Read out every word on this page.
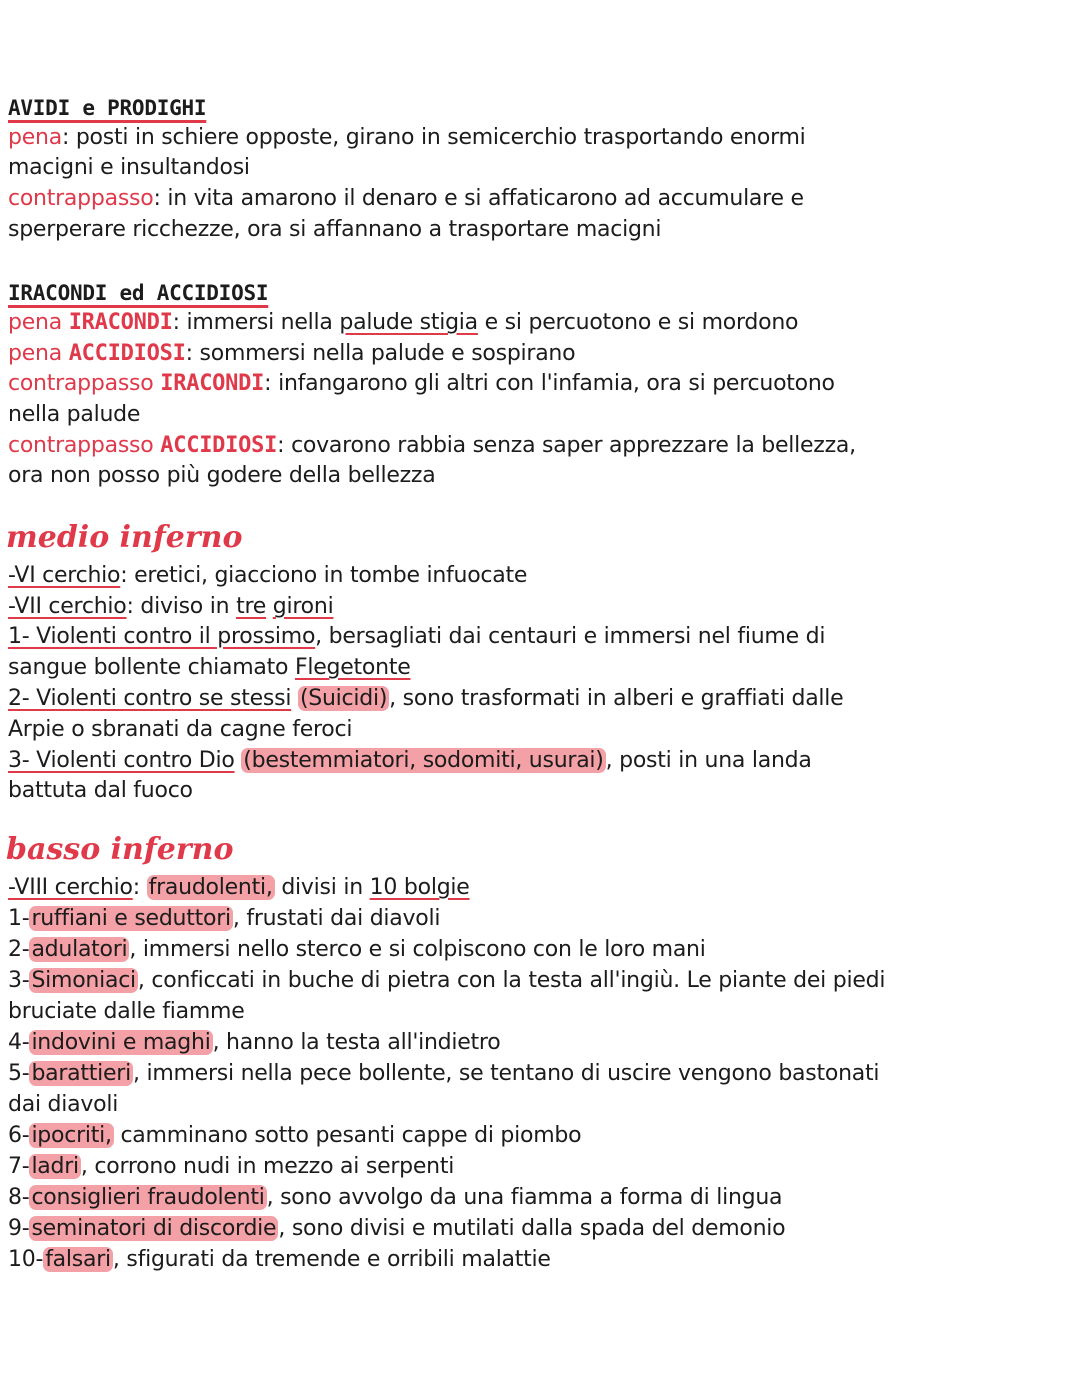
AVIDI e PRODIGHI
pena: posti in schiere opposte, girano in semicerchio trasportando enormi
macigni e insultandosi
contrappasso: in vita amarono il denaro e si affaticarono ad accumulare e
sperperare ricchezze, ora si affannano a trasportare macigni
IRACONDI ed ACCIDIOSI
pena IRACONDI: immersi nella palude stigia e si percuotono e si mordono
pena ACCIDIOSI: sommersi nella palude e sospirano
contrappasso IRACONDI: infangarono gli altri con l'infamia, ora si percuotono
nella palude
contrappasso ACCIDIOSI: covarono rabbia senza saper apprezzare la bellezza,
ora non posso più godere della bellezza
medio inferno
-VI cerchio: eretici, giacciono in tombe infuocate
-VII cerchio: diviso in tre gironi
1- Violenti contro il prossimo, bersagliati dai centauri e immersi nel fiume di
sangue bollente chiamato Flegetonte
2- Violenti contro se stessi (Suicidi), sono trasformati in alberi e graffiati dalle
Arpie o sbranati da cagne feroci
3- Violenti contro Dio (bestemmiatori, sodomiti, usurai), posti in una landa
battuta dal fuoco
basso inferno
-VIII cerchio: fraudolenti, divisi in 10 bolgie
1-ruffiani e seduttori, frustati dai diavoli
2-adulatori, immersi nello sterco e si colpiscono con le loro mani
3-Simoniaci, conficcati in buche di pietra con la testa all'ingiù. Le piante dei piedi
bruciate dalle fiamme
4-indovini e maghi, hanno la testa all'indietro
5-barattieri, immersi nella pece bollente, se tentano di uscire vengono bastonati
dai diavoli
6-ipocriti, camminano sotto pesanti cappe di piombo
7-ladri, corrono nudi in mezzo ai serpenti
8-consiglieri fraudolenti, sono avvolgo da una fiamma a forma di lingua
9-seminatori di discordie, sono divisi e mutilati dalla spada del demonio
10-falsari, sfigurati da tremende e orribili malattie
